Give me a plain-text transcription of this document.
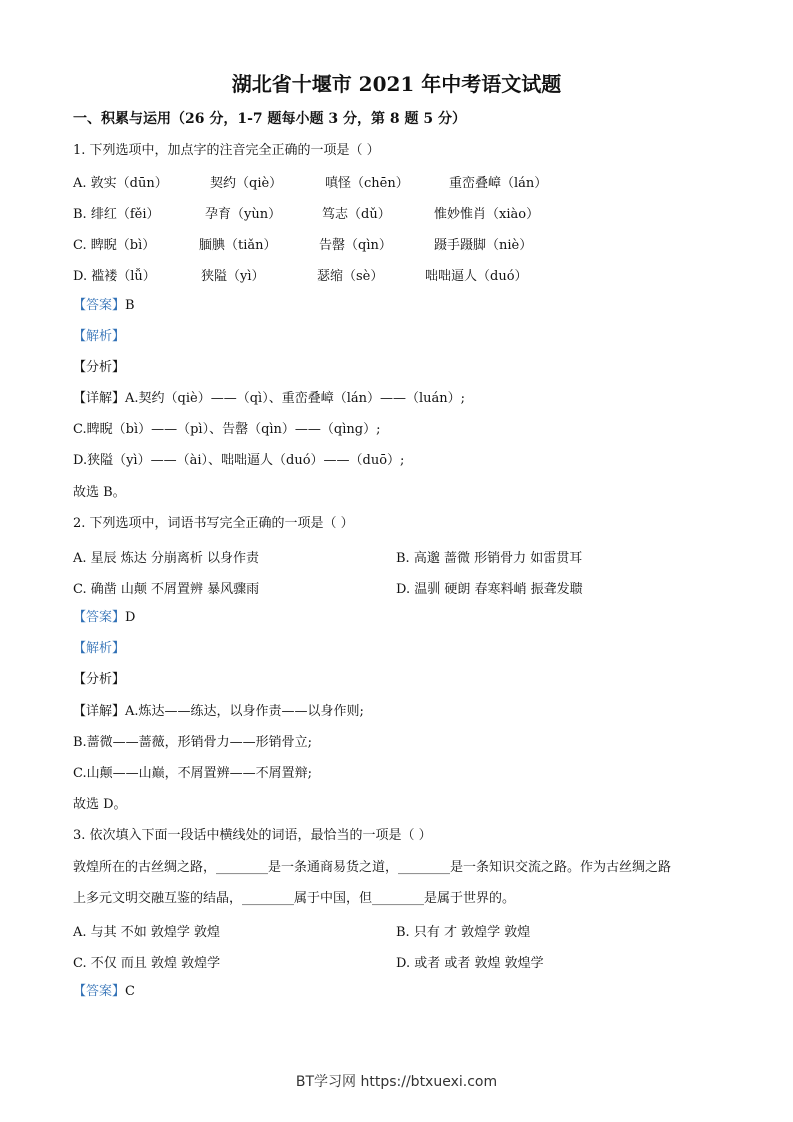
湖北省十堰市 2021 年中考语文试题
一、积累与运用（26 分，1-7 题每小题 3 分，第 8 题 5 分）
1. 下列选项中，加点字的注音完全正确的一项是（ ）
A. 敦实（dūn）	契约（qiè）	嗔怪（chēn）	重峦叠嶂（lán）
B. 绯红（fěi）	孕育（yùn）	笃志（dǔ）	惟妙惟肖（xiào）
C. 睥睨（bì）	腼腆（tiǎn）	告罄（qìn）	蹑手蹑脚（niè）
D. 褴褛（lǚ）	狭隘（yì）	瑟缩（sè）	咄咄逼人（duó）
【答案】B
【解析】
【分析】
【详解】A.契约（qiè）——（qì）、重峦叠嶂（lán）——（luán）;
C.睥睨（bì）——（pì）、告罄（qìn）——（qìng）;
D.狭隘（yì）——（ài）、咄咄逼人（duó）——（duō）;
故选 B。
2. 下列选项中，词语书写完全正确的一项是（ ）
A. 星辰 炼达 分崩离析 以身作责	B. 高邈 蔷微 形销骨力 如雷贯耳
C. 确凿 山颠 不屑置辨 暴风骤雨	D. 温驯 硬朗 春寒料峭 振聋发聩
【答案】D
【解析】
【分析】
【详解】A.炼达——练达，以身作责——以身作则;
B.蔷微——蔷薇，形销骨力——形销骨立;
C.山颠——山巅，不屑置辨——不屑置辩;
故选 D。
3. 依次填入下面一段话中横线处的词语，最恰当的一项是（ ）
敦煌所在的古丝绸之路，________是一条通商易货之道，________是一条知识交流之路。作为古丝绸之路
上多元文明交融互鉴的结晶，________属于中国，但________是属于世界的。
A. 与其 不如 敦煌学 敦煌	B. 只有 才 敦煌学 敦煌
C. 不仅 而且 敦煌 敦煌学	D. 或者 或者 敦煌 敦煌学
【答案】C
BT学习网 https://btxuexi.com
